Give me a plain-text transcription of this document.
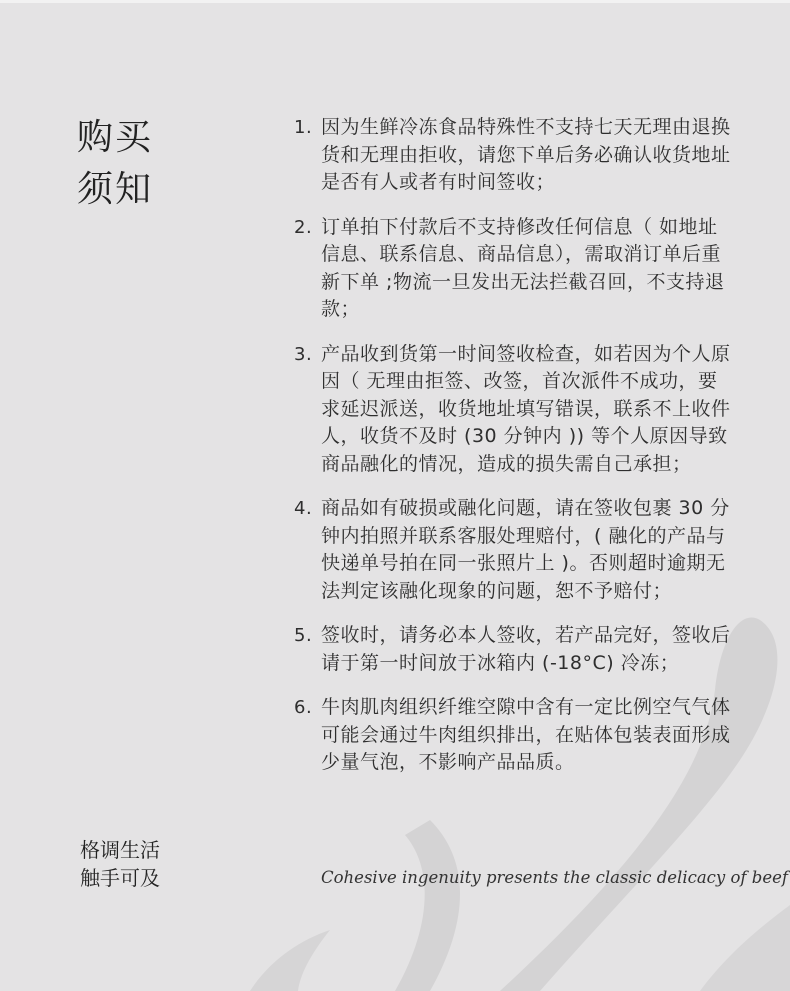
购买
须知
1. 因为生鲜冷冻食品特殊性不支持七天无理由退换货和无理由拒收，请您下单后务必确认收货地址是否有人或者有时间签收；
2. 订单拍下付款后不支持修改任何信息（ 如地址信息、联系信息、商品信息），需取消订单后重新下单 ;物流一旦发出无法拦截召回，不支持退款；
3. 产品收到货第一时间签收检查，如若因为个人原因（ 无理由拒签、改签，首次派件不成功，要求延迟派送，收货地址填写错误，联系不上收件人，收货不及时 (30 分钟内 )) 等个人原因导致商品融化的情况，造成的损失需自己承担；
4. 商品如有破损或融化问题，请在签收包裹 30 分钟内拍照并联系客服处理赔付，( 融化的产品与快递单号拍在同一张照片上 )。否则超时逾期无法判定该融化现象的问题，恕不予赔付；
5. 签收时，请务必本人签收，若产品完好，签收后请于第一时间放于冰箱内 (-18°C) 冷冻；
6. 牛肉肌肉组织纤维空隙中含有一定比例空气气体可能会通过牛肉组织排出，在贴体包装表面形成少量气泡，不影响产品品质。
格调生活
触手可及	Cohesive ingenuity presents the classic delicacy of beef
